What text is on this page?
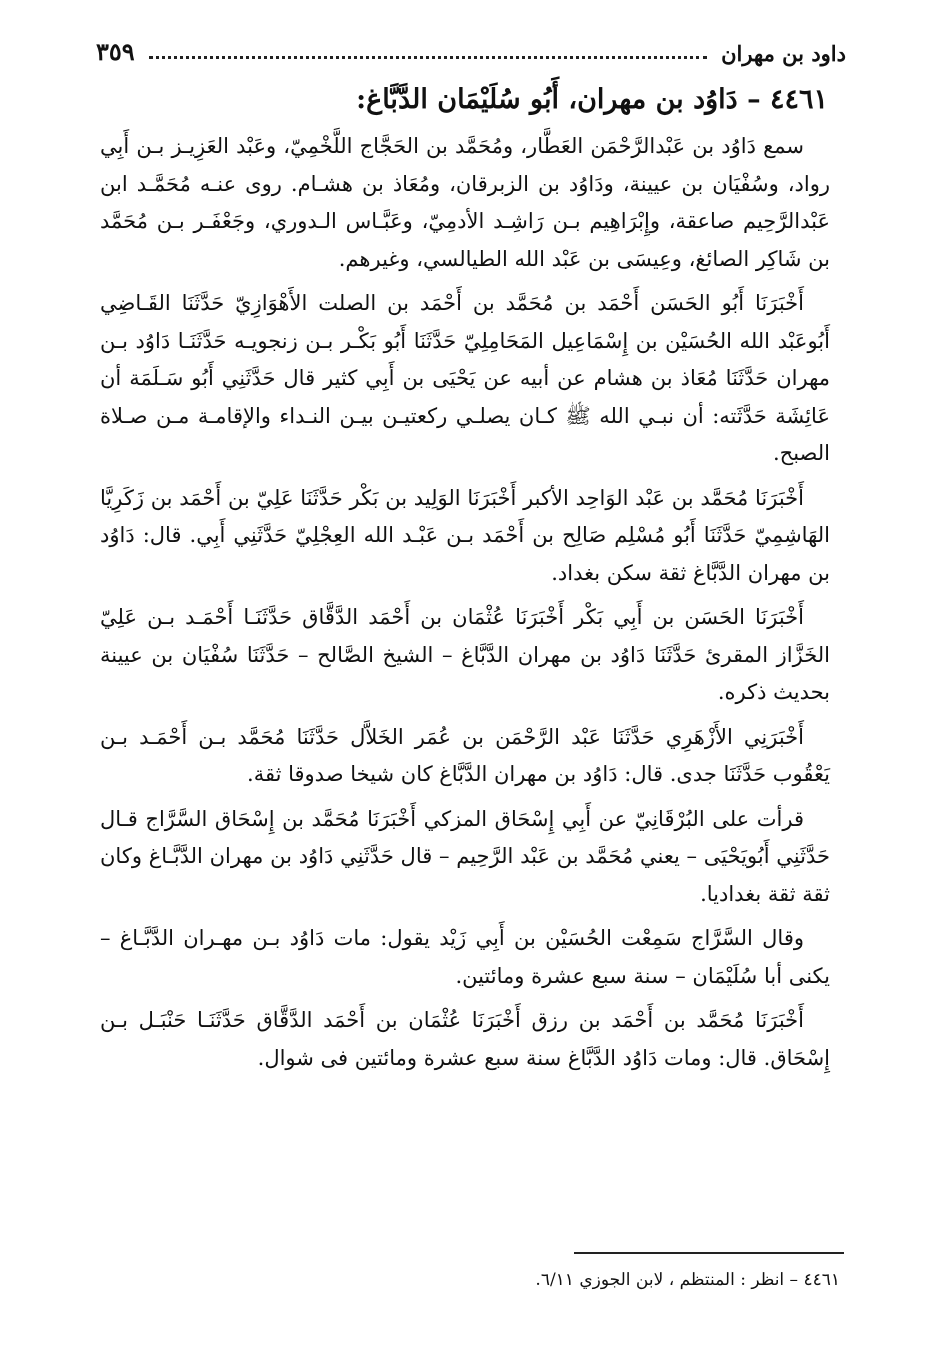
داود بن مهران
٣٥٩
٤٤٦١ – دَاوُد بن مهران، أَبُو سُلَيْمَان الدَّبَّاغ:

سمع دَاوُد بن عَبْدالرَّحْمَن العَطَّار، ومُحَمَّد بن الحَجَّاج اللَّخْمِيّ، وعَبْد العَزِيـز بـن أَبِي رواد، وسُفْيَان بن عيينة، ودَاوُد بن الزبرقان، ومُعَاذ بن هشـام. روى عنـه مُحَمَّـد ابن عَبْدالرَّحِيم صاعقة، وإِبْرَاهِيم بـن رَاشِـد الأدمِيّ، وعَبَّـاس الـدوري، وجَعْفَـر بـن مُحَمَّد بن شَاكِر الصائغ، وعِيسَى بن عَبْد الله الطيالسي، وغيرهم.

أَخْبَرَنَا أَبُو الحَسَن أَحْمَد بن مُحَمَّد بن أَحْمَد بن الصلت الأَهْوَازِيّ حَدَّثَنَا القَـاضِي أَبُوعَبْد الله الحُسَيْن بن إِسْمَاعِيل المَحَامِلِيّ حَدَّثَنَا أَبُو بَكْـر بـن زنجويـه حَدَّثَنَـا دَاوُد بـن مهران حَدَّثَنَا مُعَاذ بن هشام عن أبيه عن يَحْيَى بن أَبِي كثير قال حَدَّثَنِي أَبُو سَـلَمَة أن عَائِشَة حَدَّثَته: أن نبـي الله ﷺ كـان يصلـي ركعتيـن بيـن النـداء والإقامـة مـن صـلاة الصبح.

أَخْبَرَنَا مُحَمَّد بن عَبْد الوَاحِد الأكبر أَخْبَرَنَا الوَلِيد بن بَكْر حَدَّثَنَا عَلِيّ بن أَحْمَد بن زَكَرِيَّا الهَاشِمِيّ حَدَّثَنَا أَبُو مُسْلِم صَالِح بن أَحْمَد بـن عَبْـد الله العِجْلِيّ حَدَّثَنِي أَبِي. قال: دَاوُد بن مهران الدَّبَّاغ ثقة سكن بغداد.

أَخْبَرَنَا الحَسَن بن أَبِي بَكْر أَخْبَرَنَا عُثْمَان بن أَحْمَد الدَّقَّاق حَدَّثَنَـا أَحْمَـد بـن عَلِيّ الخَزَّاز المقرئ حَدَّثَنَا دَاوُد بن مهران الدَّبَّاغ – الشيخ الصَّالح – حَدَّثَنَا سُفْيَان بن عيينة بحديث ذكره.

أَخْبَرَنِي الأَزْهَرِي حَدَّثَنَا عَبْد الرَّحْمَن بن عُمَر الخَلاَّل حَدَّثَنَا مُحَمَّد بـن أَحْمَـد بـن يَعْقُوب حَدَّثَنَا جدى. قال: دَاوُد بن مهران الدَّبَّاغ كان شيخا صدوقا ثقة.

قرأت على البُرْقَانِيّ عن أَبِي إِسْحَاق المزكي أَخْبَرَنَا مُحَمَّد بن إِسْحَاق السَّرَّاج قـال حَدَّثَنِي أَبُويَحْيَى – يعني مُحَمَّد بن عَبْد الرَّحِيم – قال حَدَّثَنِي دَاوُد بن مهران الدَّبَّـاغ وكان ثقة ثقة بغداديا.

وقال السَّرَّاج سَمِعْت الحُسَيْن بن أَبِي زَيْد يقول: مات دَاوُد بـن مهـران الدَّبَّـاغ – يكنى أبا سُلَيْمَان – سنة سبع عشرة ومائتين.

أَخْبَرَنَا مُحَمَّد بن أَحْمَد بن رزق أَخْبَرَنَا عُثْمَان بن أَحْمَد الدَّقَّاق حَدَّثَنَـا حَنْبَـل بـن إِسْحَاق. قال: ومات دَاوُد الدَّبَّاغ سنة سبع عشرة ومائتين فى شوال.

٤٤٦١ – انظر : المنتظم ، لابن الجوزي ٦/١١.
